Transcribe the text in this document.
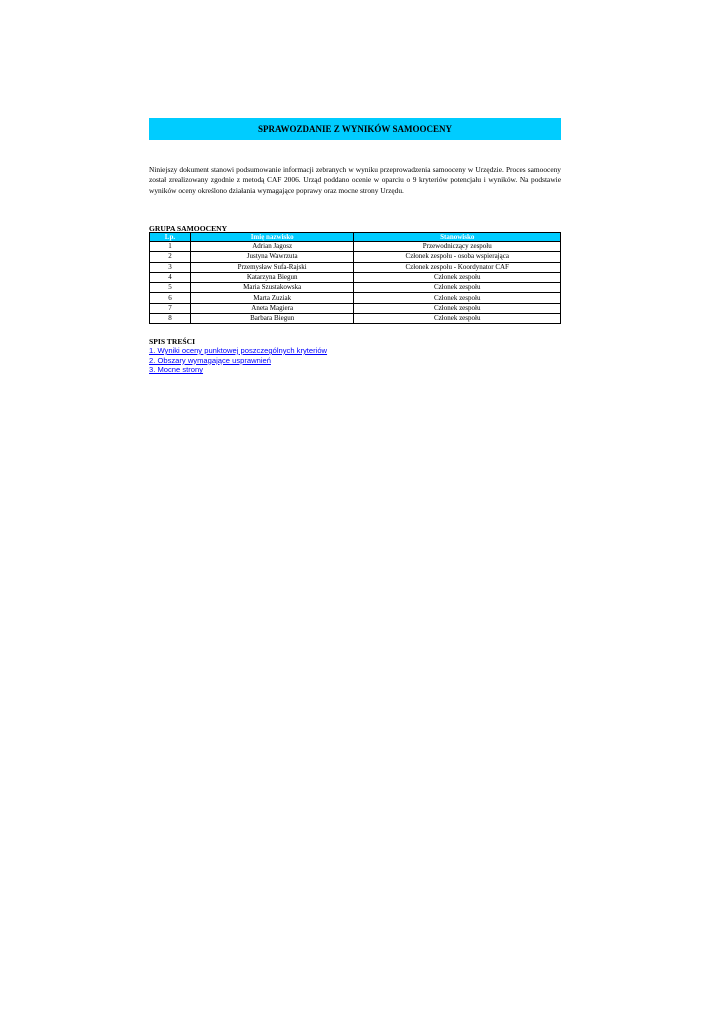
SPRAWOZDANIE Z WYNIKÓW SAMOOCENY

Niniejszy dokument stanowi podsumowanie informacji zebranych w wyniku przeprowadzenia samooceny w Urzędzie. Proces samooceny został zrealizowany zgodnie z metodą CAF 2006. Urząd poddano ocenie w oparciu o 9 kryteriów potencjału i wyników. Na podstawie wyników oceny określono działania wymagające poprawy oraz mocne strony Urzędu.

GRUPA SAMOOCENY
Lp.	Imię nazwisko	Stanowisko
1	Adrian Jagosz	Przewodniczący zespołu
2	Justyna Wawrzuta	Członek zespołu - osoba wspierająca
3	Przemysław Sufa-Rajski	Członek zespołu - Koordynator CAF
4	Katarzyna Biegun	Członek zespołu
5	Maria Szustakowska	Członek zespołu
6	Marta Zuziak	Członek zespołu
7	Aneta Magiera	Członek zespołu
8	Barbara Biegun	Członek zespołu
SPIS TREŚCI
1. Wyniki oceny punktowej poszczególnych kryteriów
2. Obszary wymagające usprawnień
3. Mocne strony
